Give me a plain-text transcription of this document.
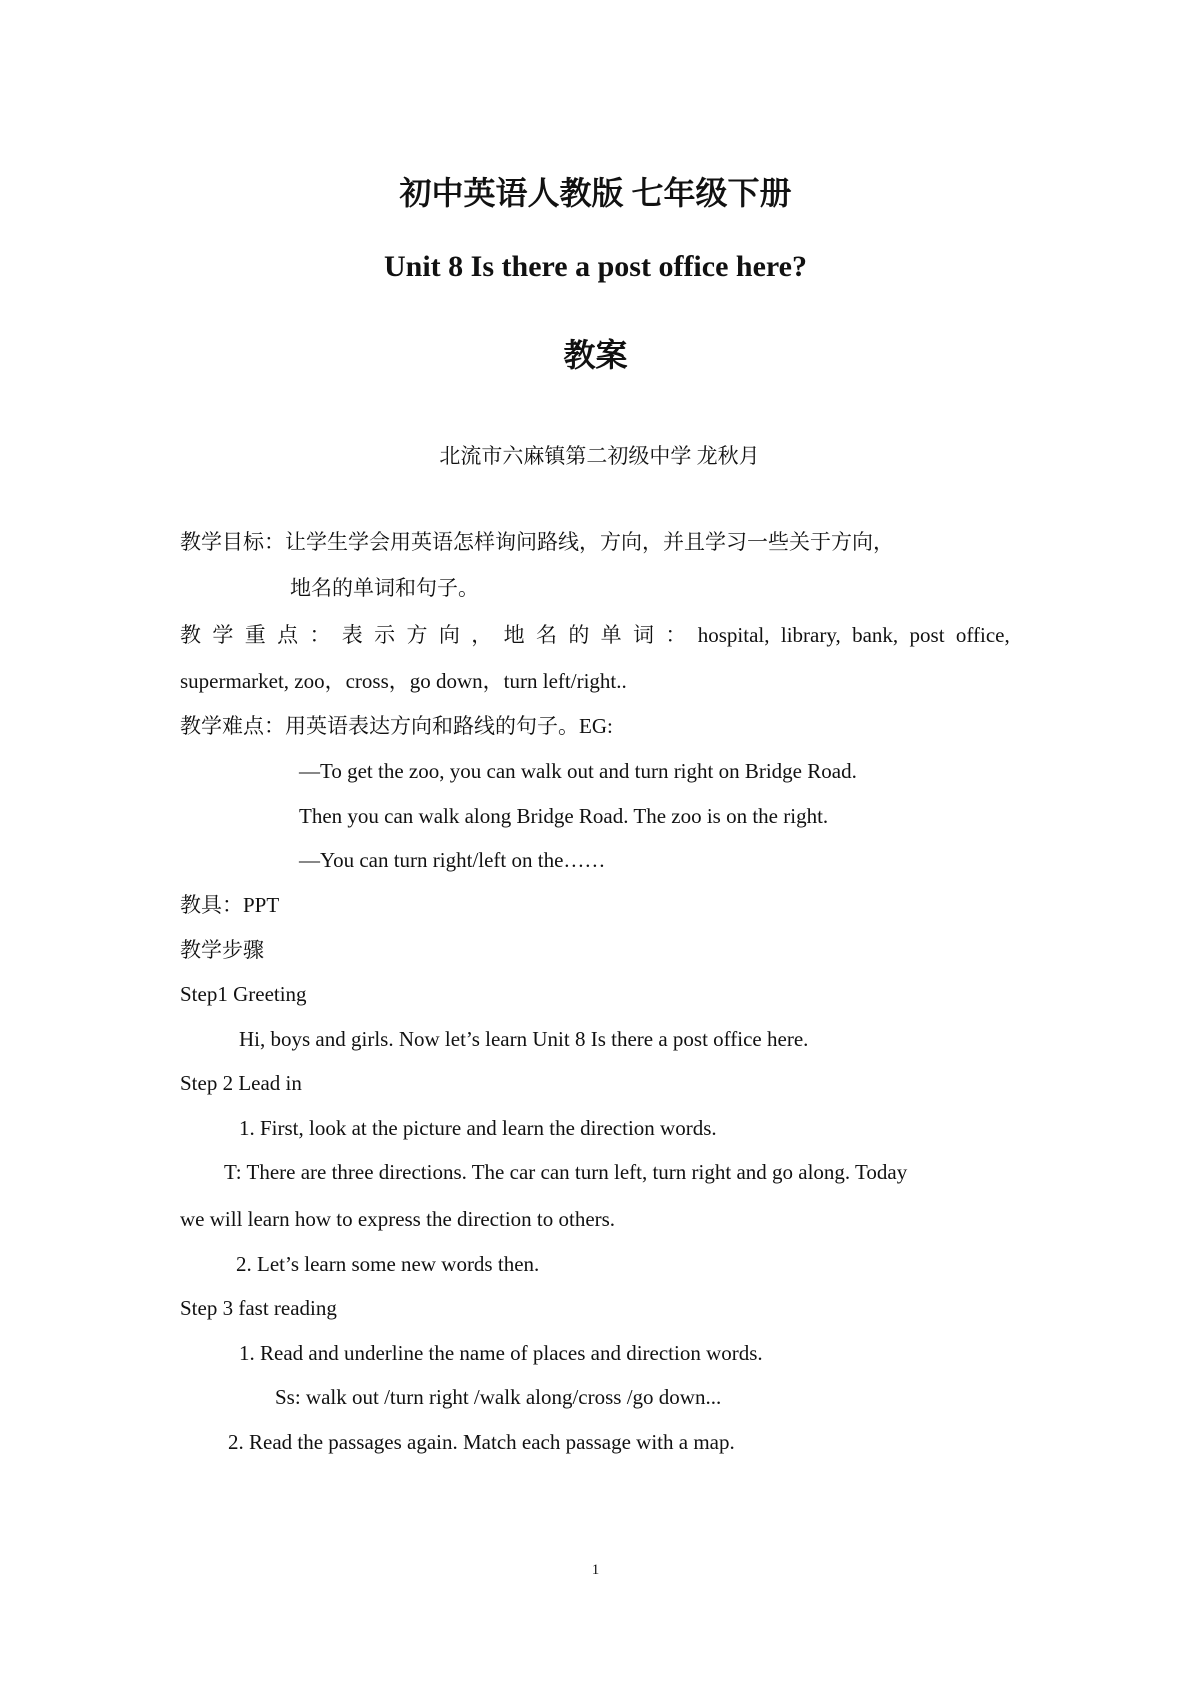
初中英语人教版 七年级下册
Unit 8 Is there a post office here?
教案

北流市六麻镇第二初级中学 龙秋月

教学目标：让学生学会用英语怎样询问路线，方向，并且学习一些关于方向，

地名的单词和句子。

教 学 重 点 ： 表 示 方 向 ， 地 名 的 单 词 ： hospital, library, bank, post office,

supermarket, zoo，cross，go down，turn left/right..

教学难点：用英语表达方向和路线的句子。EG:

—To get the zoo, you can walk out and turn right on Bridge Road.

Then you can walk along Bridge Road. The zoo is on the right.

—You can turn right/left on the……

教具：PPT

教学步骤

Step1 Greeting

Hi, boys and girls. Now let’s learn Unit 8 Is there a post office here.

Step 2 Lead in

1. First, look at the picture and learn the direction words.

T: There are three directions. The car can turn left, turn right and go along. Today

we will learn how to express the direction to others.

2. Let’s learn some new words then.

Step 3 fast reading

1. Read and underline the name of places and direction words.

Ss: walk out /turn right /walk along/cross /go down...

2. Read the passages again. Match each passage with a map.

1
